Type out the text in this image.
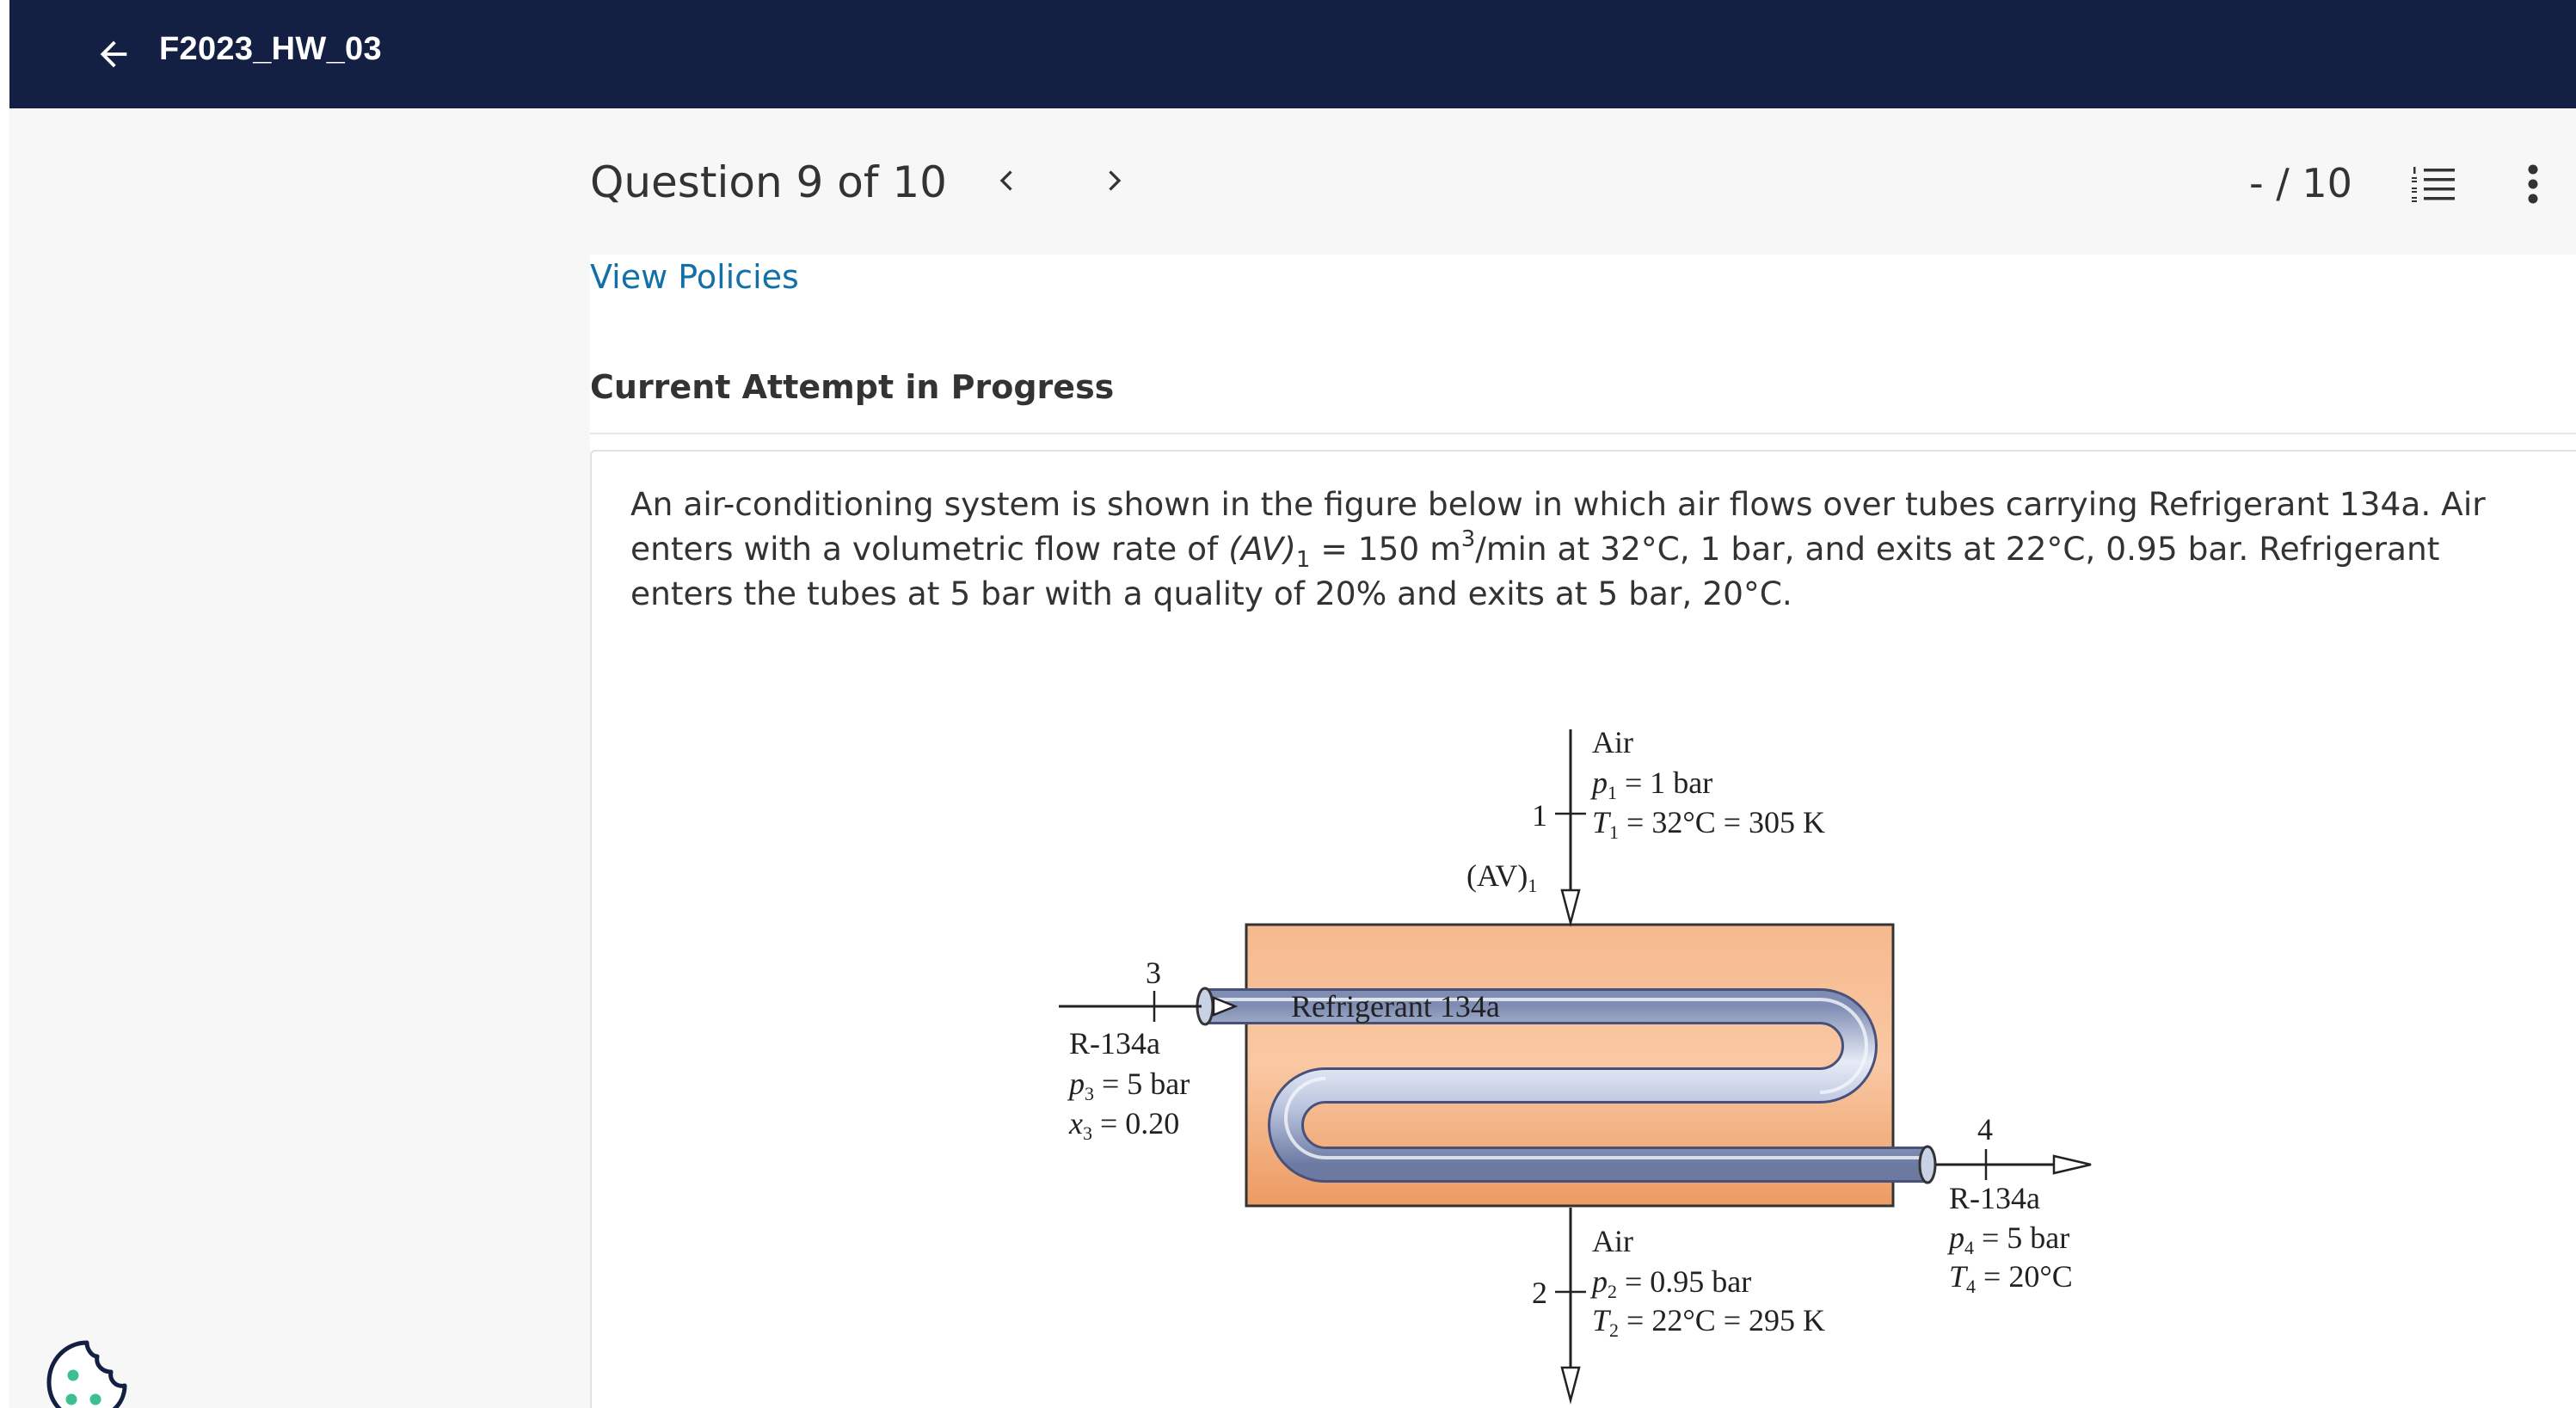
F2023_HW_03
Question 9 of 10	- / 10
View Policies
Current Attempt in Progress
An air-conditioning system is shown in the figure below in which air flows over tubes carrying Refrigerant 134a. Air enters with a volumetric flow rate of $(AV)_1 = 150$ $m^3/\min$ at 32°C, 1 bar, and exits at 22°C, 0.95 bar. Refrigerant enters the tubes at 5 bar with a quality of 20% and exits at 5 bar, 20°C.
Air
p1 = 1 bar
T1 = 32°C = 305 K
1
(AV)1
Refrigerant 134a
3
R-134a
p3 = 5 bar
x3 = 0.20	4
R-134a
p4 = 5 bar
T4 = 20°C
Air
2 p2 = 0.95 bar
T2 = 22°C = 295 K
